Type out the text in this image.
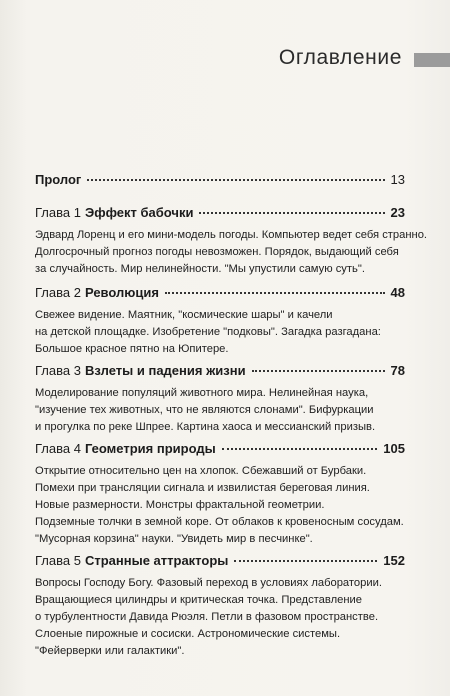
Оглавление
Пролог	13
Глава 1 Эффект бабочки	23
Эдвард Лоренц и его мини-модель погоды. Компьютер ведет себя странно.
Долгосрочный прогноз погоды невозможен. Порядок, выдающий себя
за случайность. Мир нелинейности. "Мы упустили самую суть".
Глава 2 Революция	48
Свежее видение. Маятник, "космические шары" и качели
на детской площадке. Изобретение "подковы". Загадка разгадана:
Большое красное пятно на Юпитере.
Глава 3 Взлеты и падения жизни	78
Моделирование популяций животного мира. Нелинейная наука,
"изучение тех животных, что не являются слонами". Бифуркации
и прогулка по реке Шпрее. Картина хаоса и мессианский призыв.
Глава 4 Геометрия природы	105
Открытие относительно цен на хлопок. Сбежавший от Бурбаки.
Помехи при трансляции сигнала и извилистая береговая линия.
Новые размерности. Монстры фрактальной геометрии.
Подземные толчки в земной коре. От облаков к кровеносным сосудам.
"Мусорная корзина" науки. "Увидеть мир в песчинке".
Глава 5 Странные аттракторы	152
Вопросы Господу Богу. Фазовый переход в условиях лаборатории.
Вращающиеся цилиндры и критическая точка. Представление
о турбулентности Давида Рюэля. Петли в фазовом пространстве.
Слоеные пирожные и сосиски. Астрономические системы.
"Фейерверки или галактики".
